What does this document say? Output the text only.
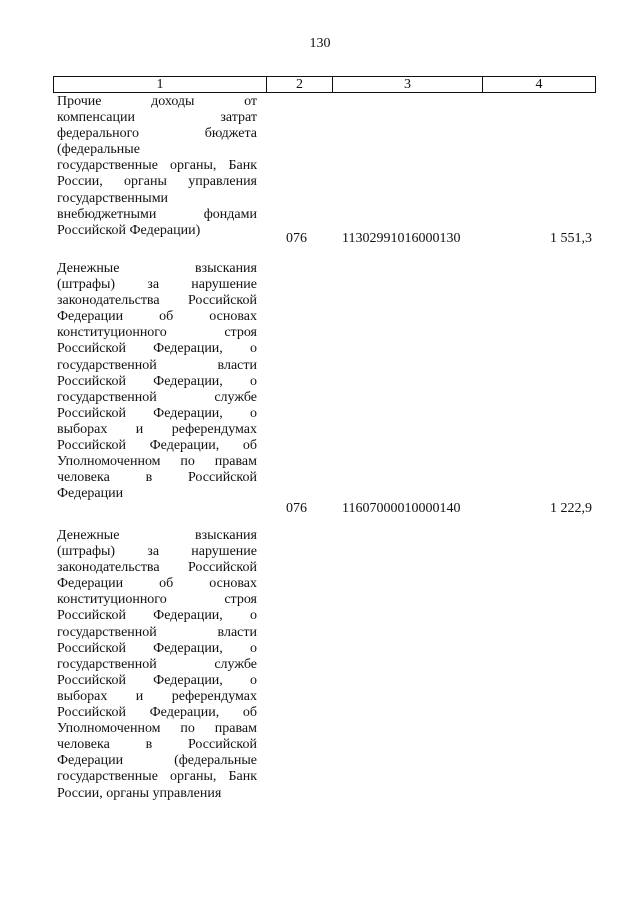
130
1	2	3	4
Прочие доходы от
компенсации затрат
федерального бюджета
(федеральные
государственные органы, Банк
России, органы управления
государственными
внебюджетными фондами
Российской Федерации)
076	11302991016000130	1 551,3
Денежные взыскания
(штрафы) за нарушение
законодательства Российской
Федерации об основах
конституционного строя
Российской Федерации, о
государственной власти
Российской Федерации, о
государственной службе
Российской Федерации, о
выборах и референдумах
Российской Федерации, об
Уполномоченном по правам
человека в Российской
Федерации
076	11607000010000140	1 222,9
Денежные взыскания
(штрафы) за нарушение
законодательства Российской
Федерации об основах
конституционного строя
Российской Федерации, о
государственной власти
Российской Федерации, о
государственной службе
Российской Федерации, о
выборах и референдумах
Российской Федерации, об
Уполномоченном по правам
человека в Российской
Федерации (федеральные
государственные органы, Банк
России, органы управления
